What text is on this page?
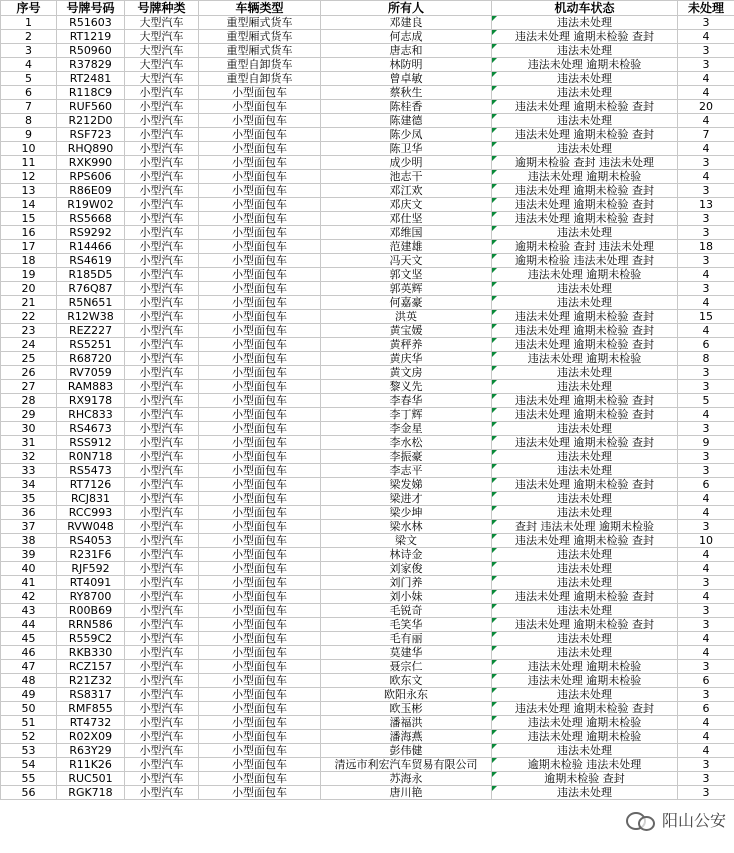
序号	号牌号码	号牌种类	车辆类型	所有人	机动车状态	未处理
1	R51603	大型汽车	重型厢式货车	邓建良	违法未处理	3
2	RT1219	大型汽车	重型厢式货车	何志成	违法未处理 逾期未检验 查封	4
3	R50960	大型汽车	重型厢式货车	唐志和	违法未处理	3
4	R37829	大型汽车	重型自卸货车	林防明	违法未处理 逾期未检验	3
5	RT2481	大型汽车	重型自卸货车	曾卓敏	违法未处理	4
6	R118C9	小型汽车	小型面包车	蔡秋生	违法未处理	4
7	RUF560	小型汽车	小型面包车	陈桂香	违法未处理 逾期未检验 查封	20
8	R212D0	小型汽车	小型面包车	陈建德	违法未处理	4
9	RSF723	小型汽车	小型面包车	陈少凤	违法未处理 逾期未检验 查封	7
10	RHQ890	小型汽车	小型面包车	陈卫华	违法未处理	4
11	RXK990	小型汽车	小型面包车	成少明	逾期未检验 查封 违法未处理	3
12	RPS606	小型汽车	小型面包车	池志干	违法未处理 逾期未检验	4
13	R86E09	小型汽车	小型面包车	邓江欢	违法未处理 逾期未检验 查封	3
14	R19W02	小型汽车	小型面包车	邓庆文	违法未处理 逾期未检验 查封	13
15	RS5668	小型汽车	小型面包车	邓仕坚	违法未处理 逾期未检验 查封	3
16	RS9292	小型汽车	小型面包车	邓维国	违法未处理	3
17	R14466	小型汽车	小型面包车	范建雄	逾期未检验 查封 违法未处理	18
18	RS4619	小型汽车	小型面包车	冯天文	逾期未检验 违法未处理 查封	3
19	R185D5	小型汽车	小型面包车	郭文坚	违法未处理 逾期未检验	4
20	R76Q87	小型汽车	小型面包车	郭英辉	违法未处理	3
21	R5N651	小型汽车	小型面包车	何嘉豪	违法未处理	4
22	R12W38	小型汽车	小型面包车	洪英	违法未处理 逾期未检验 查封	15
23	REZ227	小型汽车	小型面包车	黄宝媛	违法未处理 逾期未检验 查封	4
24	RS5251	小型汽车	小型面包车	黄秤养	违法未处理 逾期未检验 查封	6
25	R68720	小型汽车	小型面包车	黄庆华	违法未处理 逾期未检验	8
26	RV7059	小型汽车	小型面包车	黄文房	违法未处理	3
27	RAM883	小型汽车	小型面包车	黎义先	违法未处理	3
28	RX9178	小型汽车	小型面包车	李春华	违法未处理 逾期未检验 查封	5
29	RHC833	小型汽车	小型面包车	李丁辉	违法未处理 逾期未检验 查封	4
30	RS4673	小型汽车	小型面包车	李金星	违法未处理	3
31	RSS912	小型汽车	小型面包车	李水松	违法未处理 逾期未检验 查封	9
32	R0N718	小型汽车	小型面包车	李振豪	违法未处理	3
33	RS5473	小型汽车	小型面包车	李志平	违法未处理	3
34	RT7126	小型汽车	小型面包车	梁发娣	违法未处理 逾期未检验 查封	6
35	RCJ831	小型汽车	小型面包车	梁进才	违法未处理	4
36	RCC993	小型汽车	小型面包车	梁少坤	违法未处理	4
37	RVW048	小型汽车	小型面包车	梁水林	查封 违法未处理 逾期未检验	3
38	RS4053	小型汽车	小型面包车	梁文	违法未处理 逾期未检验 查封	10
39	R231F6	小型汽车	小型面包车	林诗金	违法未处理	4
40	RJF592	小型汽车	小型面包车	刘家俊	违法未处理	4
41	RT4091	小型汽车	小型面包车	刘门养	违法未处理	3
42	RY8700	小型汽车	小型面包车	刘小妹	违法未处理 逾期未检验 查封	4
43	R00B69	小型汽车	小型面包车	毛锐奇	违法未处理	3
44	RRN586	小型汽车	小型面包车	毛笑华	违法未处理 逾期未检验 查封	3
45	R559C2	小型汽车	小型面包车	毛有丽	违法未处理	4
46	RKB330	小型汽车	小型面包车	莫建华	违法未处理	4
47	RCZ157	小型汽车	小型面包车	聂宗仁	违法未处理 逾期未检验	3
48	R21Z32	小型汽车	小型面包车	欧东文	违法未处理 逾期未检验	6
49	RS8317	小型汽车	小型面包车	欧阳永东	违法未处理	3
50	RMF855	小型汽车	小型面包车	欧玉彬	违法未处理 逾期未检验 查封	6
51	RT4732	小型汽车	小型面包车	潘福洪	违法未处理 逾期未检验	4
52	R02X09	小型汽车	小型面包车	潘海燕	违法未处理 逾期未检验	4
53	R63Y29	小型汽车	小型面包车	彭伟健	违法未处理	4
54	R11K26	小型汽车	小型面包车	清远市利宏汽车贸易有限公司	逾期未检验 违法未处理	3
55	RUC501	小型汽车	小型面包车	苏海永	逾期未检验 查封	3
56	RGK718	小型汽车	小型面包车	唐川艳	违法未处理	3
阳山公安
